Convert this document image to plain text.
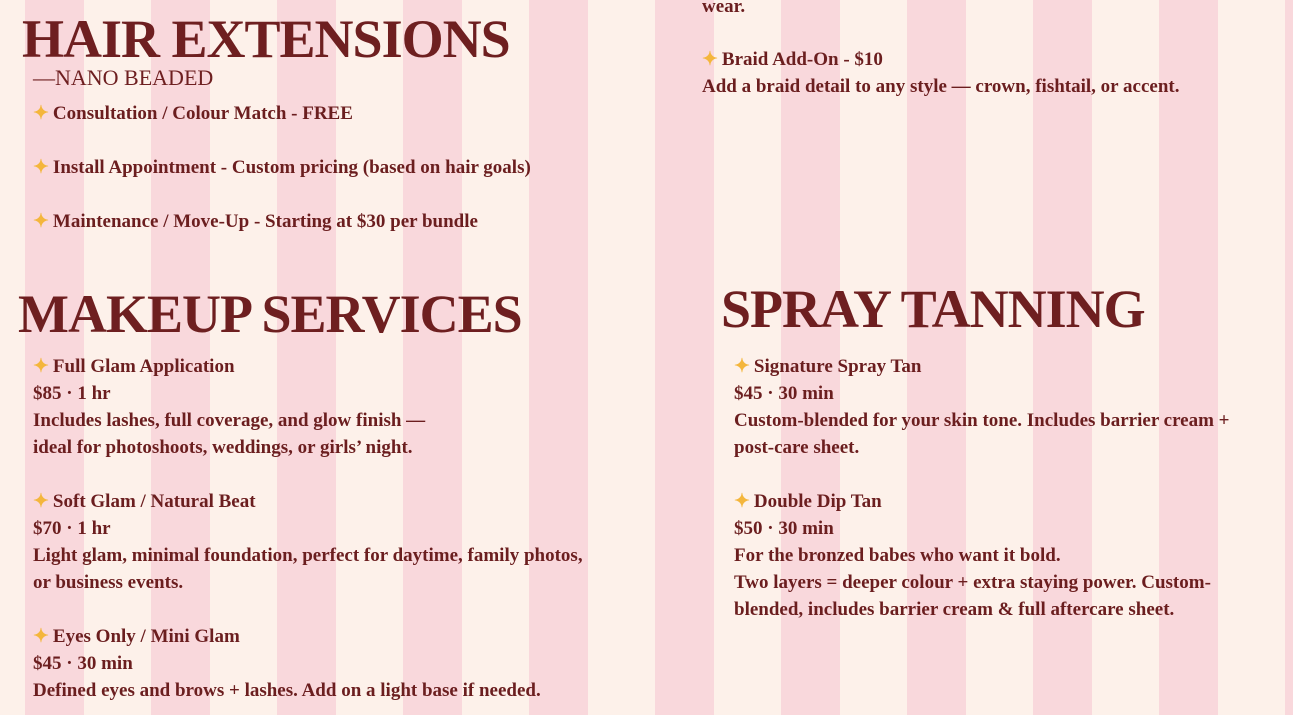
HAIR EXTENSIONS
—NANO BEADED
✦ Consultation / Colour Match - FREE
✦ Install Appointment - Custom pricing (based on hair goals)
✦ Maintenance / Move-Up - Starting at $30 per bundle
wear.
✦ Braid Add-On - $10
Add a braid detail to any style — crown, fishtail, or accent.
MAKEUP SERVICES
✦ Full Glam Application
$85 · 1 hr
Includes lashes, full coverage, and glow finish —
ideal for photoshoots, weddings, or girls’ night.
✦ Soft Glam / Natural Beat
$70 · 1 hr
Light glam, minimal foundation, perfect for daytime, family photos,
or business events.
✦ Eyes Only / Mini Glam
$45 · 30 min
Defined eyes and brows + lashes. Add on a light base if needed.
SPRAY TANNING
✦ Signature Spray Tan
$45 · 30 min
Custom-blended for your skin tone. Includes barrier cream +
post-care sheet.
✦ Double Dip Tan
$50 · 30 min
For the bronzed babes who want it bold.
Two layers = deeper colour + extra staying power. Custom-
blended, includes barrier cream & full aftercare sheet.
